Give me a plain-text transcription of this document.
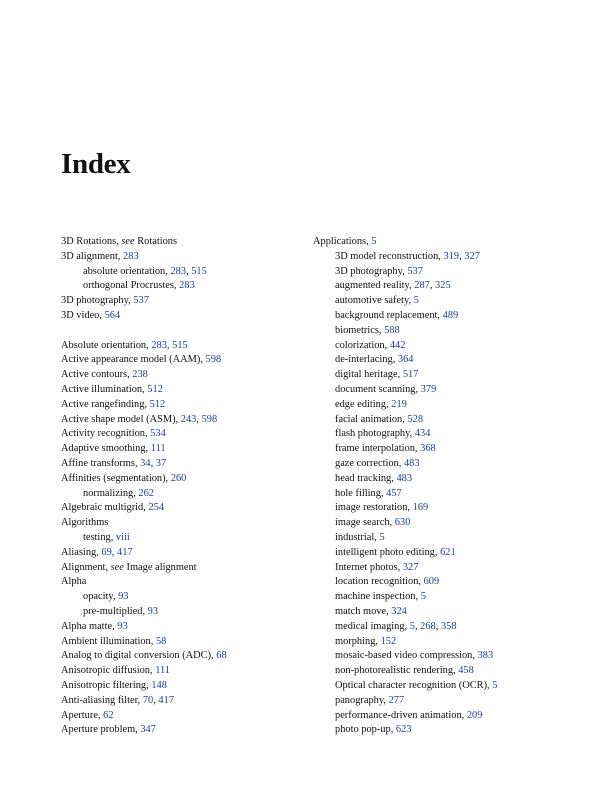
Index
3D Rotations, see Rotations
3D alignment, 283
absolute orientation, 283, 515
orthogonal Procrustes, 283
3D photography, 537
3D video, 564
Absolute orientation, 283, 515
Active appearance model (AAM), 598
Active contours, 238
Active illumination, 512
Active rangefinding, 512
Active shape model (ASM), 243, 598
Activity recognition, 534
Adaptive smoothing, 111
Affine transforms, 34, 37
Affinities (segmentation), 260
normalizing, 262
Algebraic multigrid, 254
Algorithms
testing, viii
Aliasing, 69, 417
Alignment, see Image alignment
Alpha
opacity, 93
pre-multiplied, 93
Alpha matte, 93
Ambient illumination, 58
Analog to digital conversion (ADC), 68
Anisotropic diffusion, 111
Anisotropic filtering, 148
Anti-aliasing filter, 70, 417
Aperture, 62
Aperture problem, 347
Applications, 5
3D model reconstruction, 319, 327
3D photography, 537
augmented reality, 287, 325
automotive safety, 5
background replacement, 489
biometrics, 588
colorization, 442
de-interlacing, 364
digital heritage, 517
document scanning, 379
edge editing, 219
facial animation, 528
flash photography, 434
frame interpolation, 368
gaze correction, 483
head tracking, 483
hole filling, 457
image restoration, 169
image search, 630
industrial, 5
intelligent photo editing, 621
Internet photos, 327
location recognition, 609
machine inspection, 5
match move, 324
medical imaging, 5, 268, 358
morphing, 152
mosaic-based video compression, 383
non-photorealistic rendering, 458
Optical character recognition (OCR), 5
panography, 277
performance-driven animation, 209
photo pop-up, 623
